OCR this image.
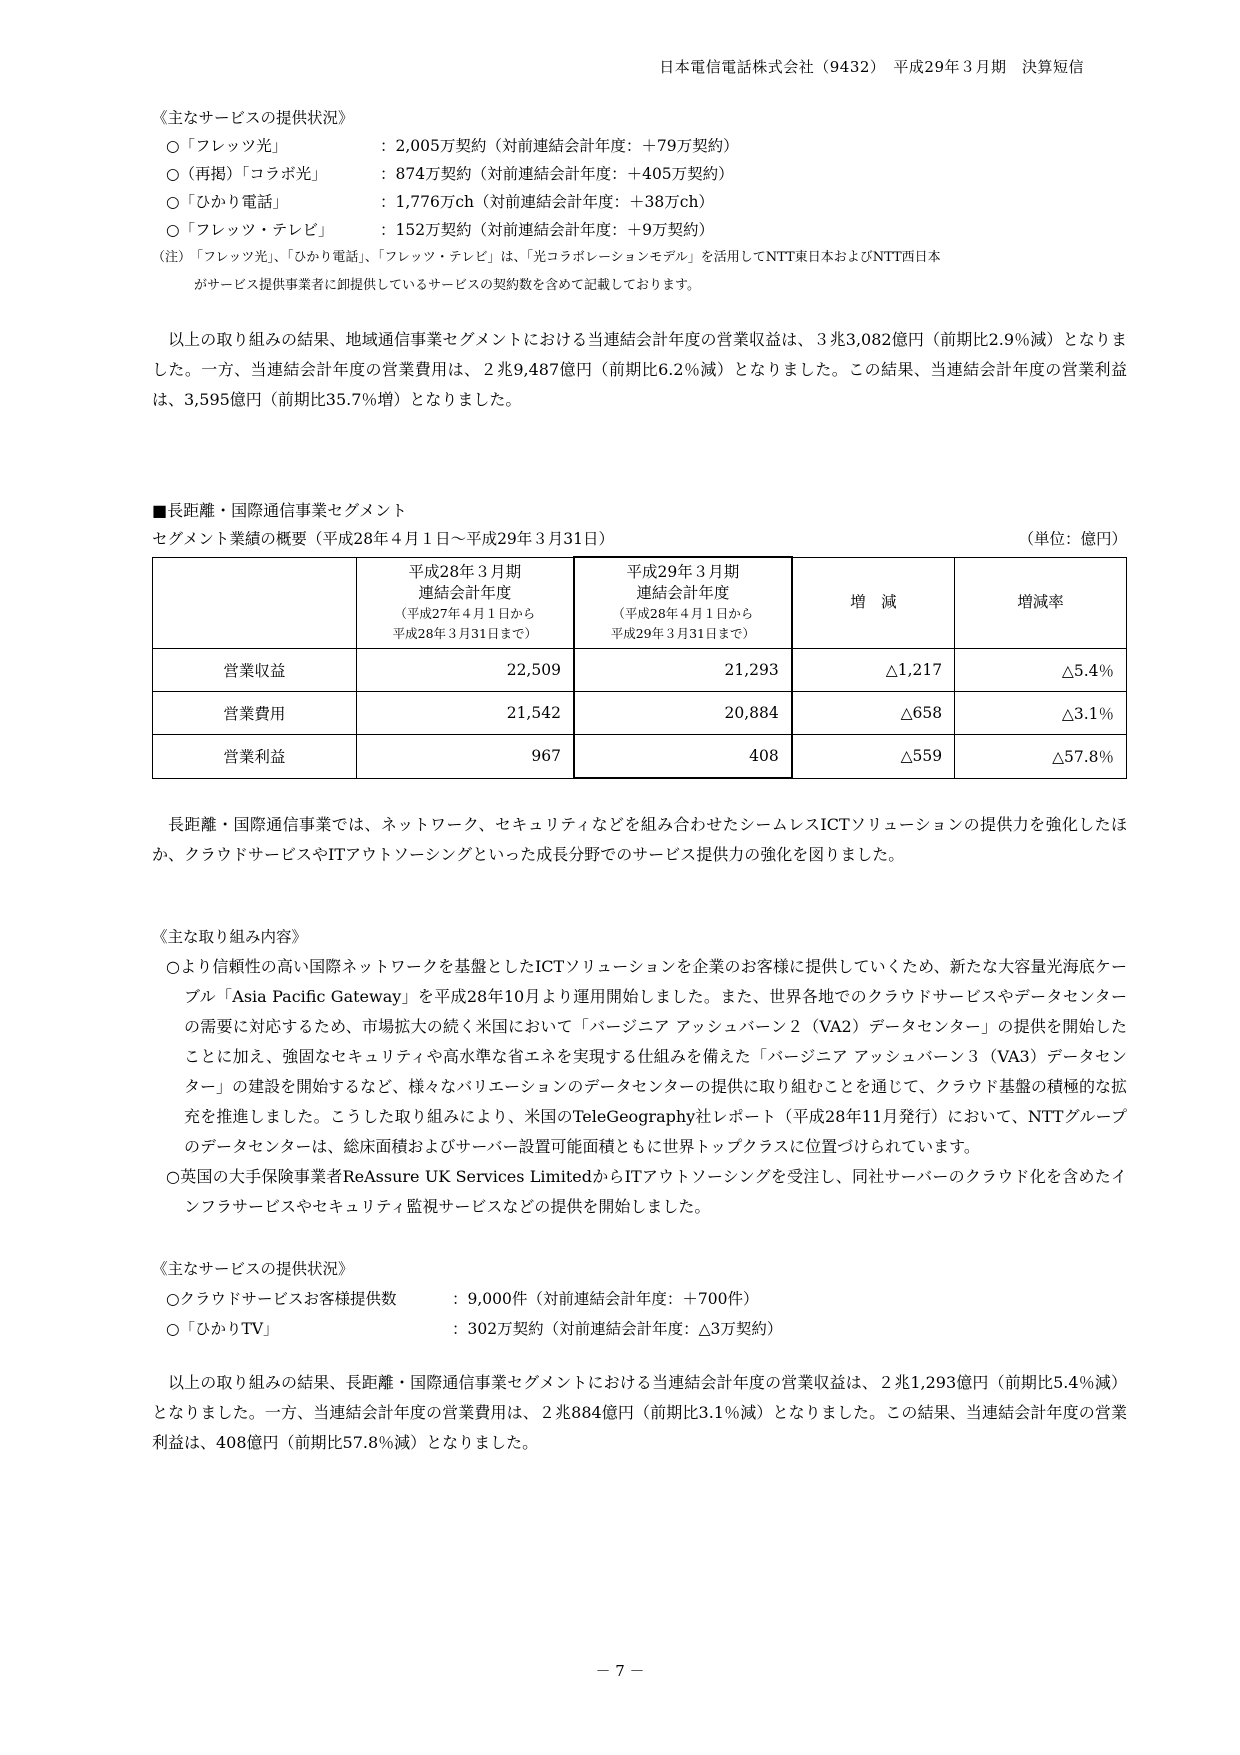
日本電信電話株式会社（9432）　平成29年３月期　決算短信
《主なサービスの提供状況》
○「フレッツ光」	：2,005万契約（対前連結会計年度：＋79万契約）
○（再掲）「コラボ光」	：874万契約（対前連結会計年度：＋405万契約）
○「ひかり電話」	：1,776万ch（対前連結会計年度：＋38万ch）
○「フレッツ・テレビ」	：152万契約（対前連結会計年度：＋9万契約）
（注）「フレッツ光」、「ひかり電話」、「フレッツ・テレビ」は、「光コラボレーションモデル」を活用してNTT東日本およびNTT西日本
がサービス提供事業者に卸提供しているサービスの契約数を含めて記載しております。

以上の取り組みの結果、地域通信事業セグメントにおける当連結会計年度の営業収益は、３兆3,082億円（前期比2.9％減）となりました。一方、当連結会計年度の営業費用は、２兆9,487億円（前期比6.2％減）となりました。この結果、当連結会計年度の営業利益は、3,595億円（前期比35.7％増）となりました。

■長距離・国際通信事業セグメント
セグメント業績の概要（平成28年４月１日～平成29年３月31日）	（単位：億円）
	平成28年３月期
連結会計年度
（平成27年４月１日から
平成28年３月31日まで）	平成29年３月期
連結会計年度
（平成28年４月１日から
平成29年３月31日まで）	増　減	増減率
営業収益	22,509	21,293	△1,217	△5.4％
営業費用	21,542	20,884	△658	△3.1％
営業利益	967	408	△559	△57.8％

長距離・国際通信事業では、ネットワーク、セキュリティなどを組み合わせたシームレスICTソリューションの提供力を強化したほか、クラウドサービスやITアウトソーシングといった成長分野でのサービス提供力の強化を図りました。

《主な取り組み内容》

○より信頼性の高い国際ネットワークを基盤としたICTソリューションを企業のお客様に提供していくため、新たな大容量光海底ケーブル「Asia Pacific Gateway」を平成28年10月より運用開始しました。また、世界各地でのクラウドサービスやデータセンターの需要に対応するため、市場拡大の続く米国において「バージニア アッシュバーン２（VA2）データセンター」の提供を開始したことに加え、強固なセキュリティや高水準な省エネを実現する仕組みを備えた「バージニア アッシュバーン３（VA3）データセンター」の建設を開始するなど、様々なバリエーションのデータセンターの提供に取り組むことを通じて、クラウド基盤の積極的な拡充を推進しました。こうした取り組みにより、米国のTeleGeography社レポート（平成28年11月発行）において、NTTグループのデータセンターは、総床面積およびサーバー設置可能面積ともに世界トップクラスに位置づけられています。

○英国の大手保険事業者ReAssure UK Services LimitedからITアウトソーシングを受注し、同社サーバーのクラウド化を含めたインフラサービスやセキュリティ監視サービスなどの提供を開始しました。

《主なサービスの提供状況》
○クラウドサービスお客様提供数	：9,000件（対前連結会計年度：＋700件）
○「ひかりTV」	：302万契約（対前連結会計年度：△3万契約）

以上の取り組みの結果、長距離・国際通信事業セグメントにおける当連結会計年度の営業収益は、２兆1,293億円（前期比5.4％減）となりました。一方、当連結会計年度の営業費用は、２兆884億円（前期比3.1％減）となりました。この結果、当連結会計年度の営業利益は、408億円（前期比57.8％減）となりました。

－ 7 －
